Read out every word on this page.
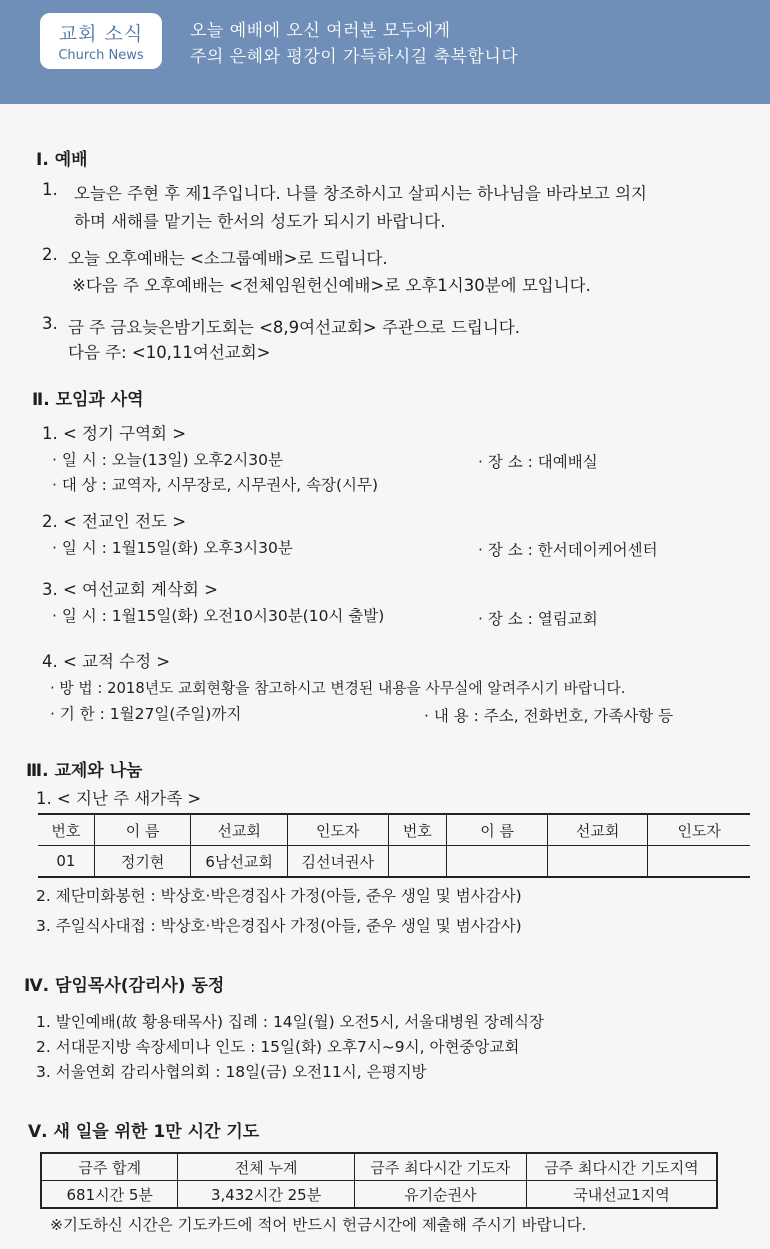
교회 소식
Church News
오늘 예배에 오신 여러분 모두에게
주의 은혜와 평강이 가득하시길 축복합니다
Ⅰ. 예배
1. 오늘은 주현 후 제1주입니다. 나를 창조하시고 살피시는 하나님을 바라보고 의지
하며 새해를 맡기는 한서의 성도가 되시기 바랍니다.
2. 오늘 오후예배는 <소그룹예배>로 드립니다.
※다음 주 오후예배는 <전체임원헌신예배>로 오후1시30분에 모입니다.
3. 금 주 금요늦은밤기도회는 <8,9여선교회> 주관으로 드립니다.
다음 주: <10,11여선교회>
Ⅱ. 모임과 사역
1. < 정기 구역회 >
· 일 시 : 오늘(13일) 오후2시30분	· 장 소 : 대예배실
· 대 상 : 교역자, 시무장로, 시무권사, 속장(시무)
2. < 전교인 전도 >
· 일 시 : 1월15일(화) 오후3시30분	· 장 소 : 한서데이케어센터
3. < 여선교회 계삭회 >
· 일 시 : 1월15일(화) 오전10시30분(10시 출발)	· 장 소 : 열림교회
4. < 교적 수정 >
· 방 법 : 2018년도 교회현황을 참고하시고 변경된 내용을 사무실에 알려주시기 바랍니다.
· 기 한 : 1월27일(주일)까지	· 내 용 : 주소, 전화번호, 가족사항 등
Ⅲ. 교제와 나눔
1. < 지난 주 새가족 >
번호	이 름	선교회	인도자	번호	이 름	선교회	인도자
01	정기현	6남선교회	김선녀권사				
2. 제단미화봉헌 : 박상호·박은경집사 가정(아들, 준우 생일 및 범사감사)
3. 주일식사대접 : 박상호·박은경집사 가정(아들, 준우 생일 및 범사감사)
Ⅳ. 담임목사(감리사) 동정
1. 발인예배(故 황용태목사) 집례 : 14일(월) 오전5시, 서울대병원 장례식장
2. 서대문지방 속장세미나 인도 : 15일(화) 오후7시~9시, 아현중앙교회
3. 서울연회 감리사협의회 : 18일(금) 오전11시, 은평지방
Ⅴ. 새 일을 위한 1만 시간 기도
금주 합계	전체 누계	금주 최다시간 기도자	금주 최다시간 기도지역
681시간 5분	3,432시간 25분	유기순권사	국내선교1지역
※기도하신 시간은 기도카드에 적어 반드시 헌금시간에 제출해 주시기 바랍니다.
